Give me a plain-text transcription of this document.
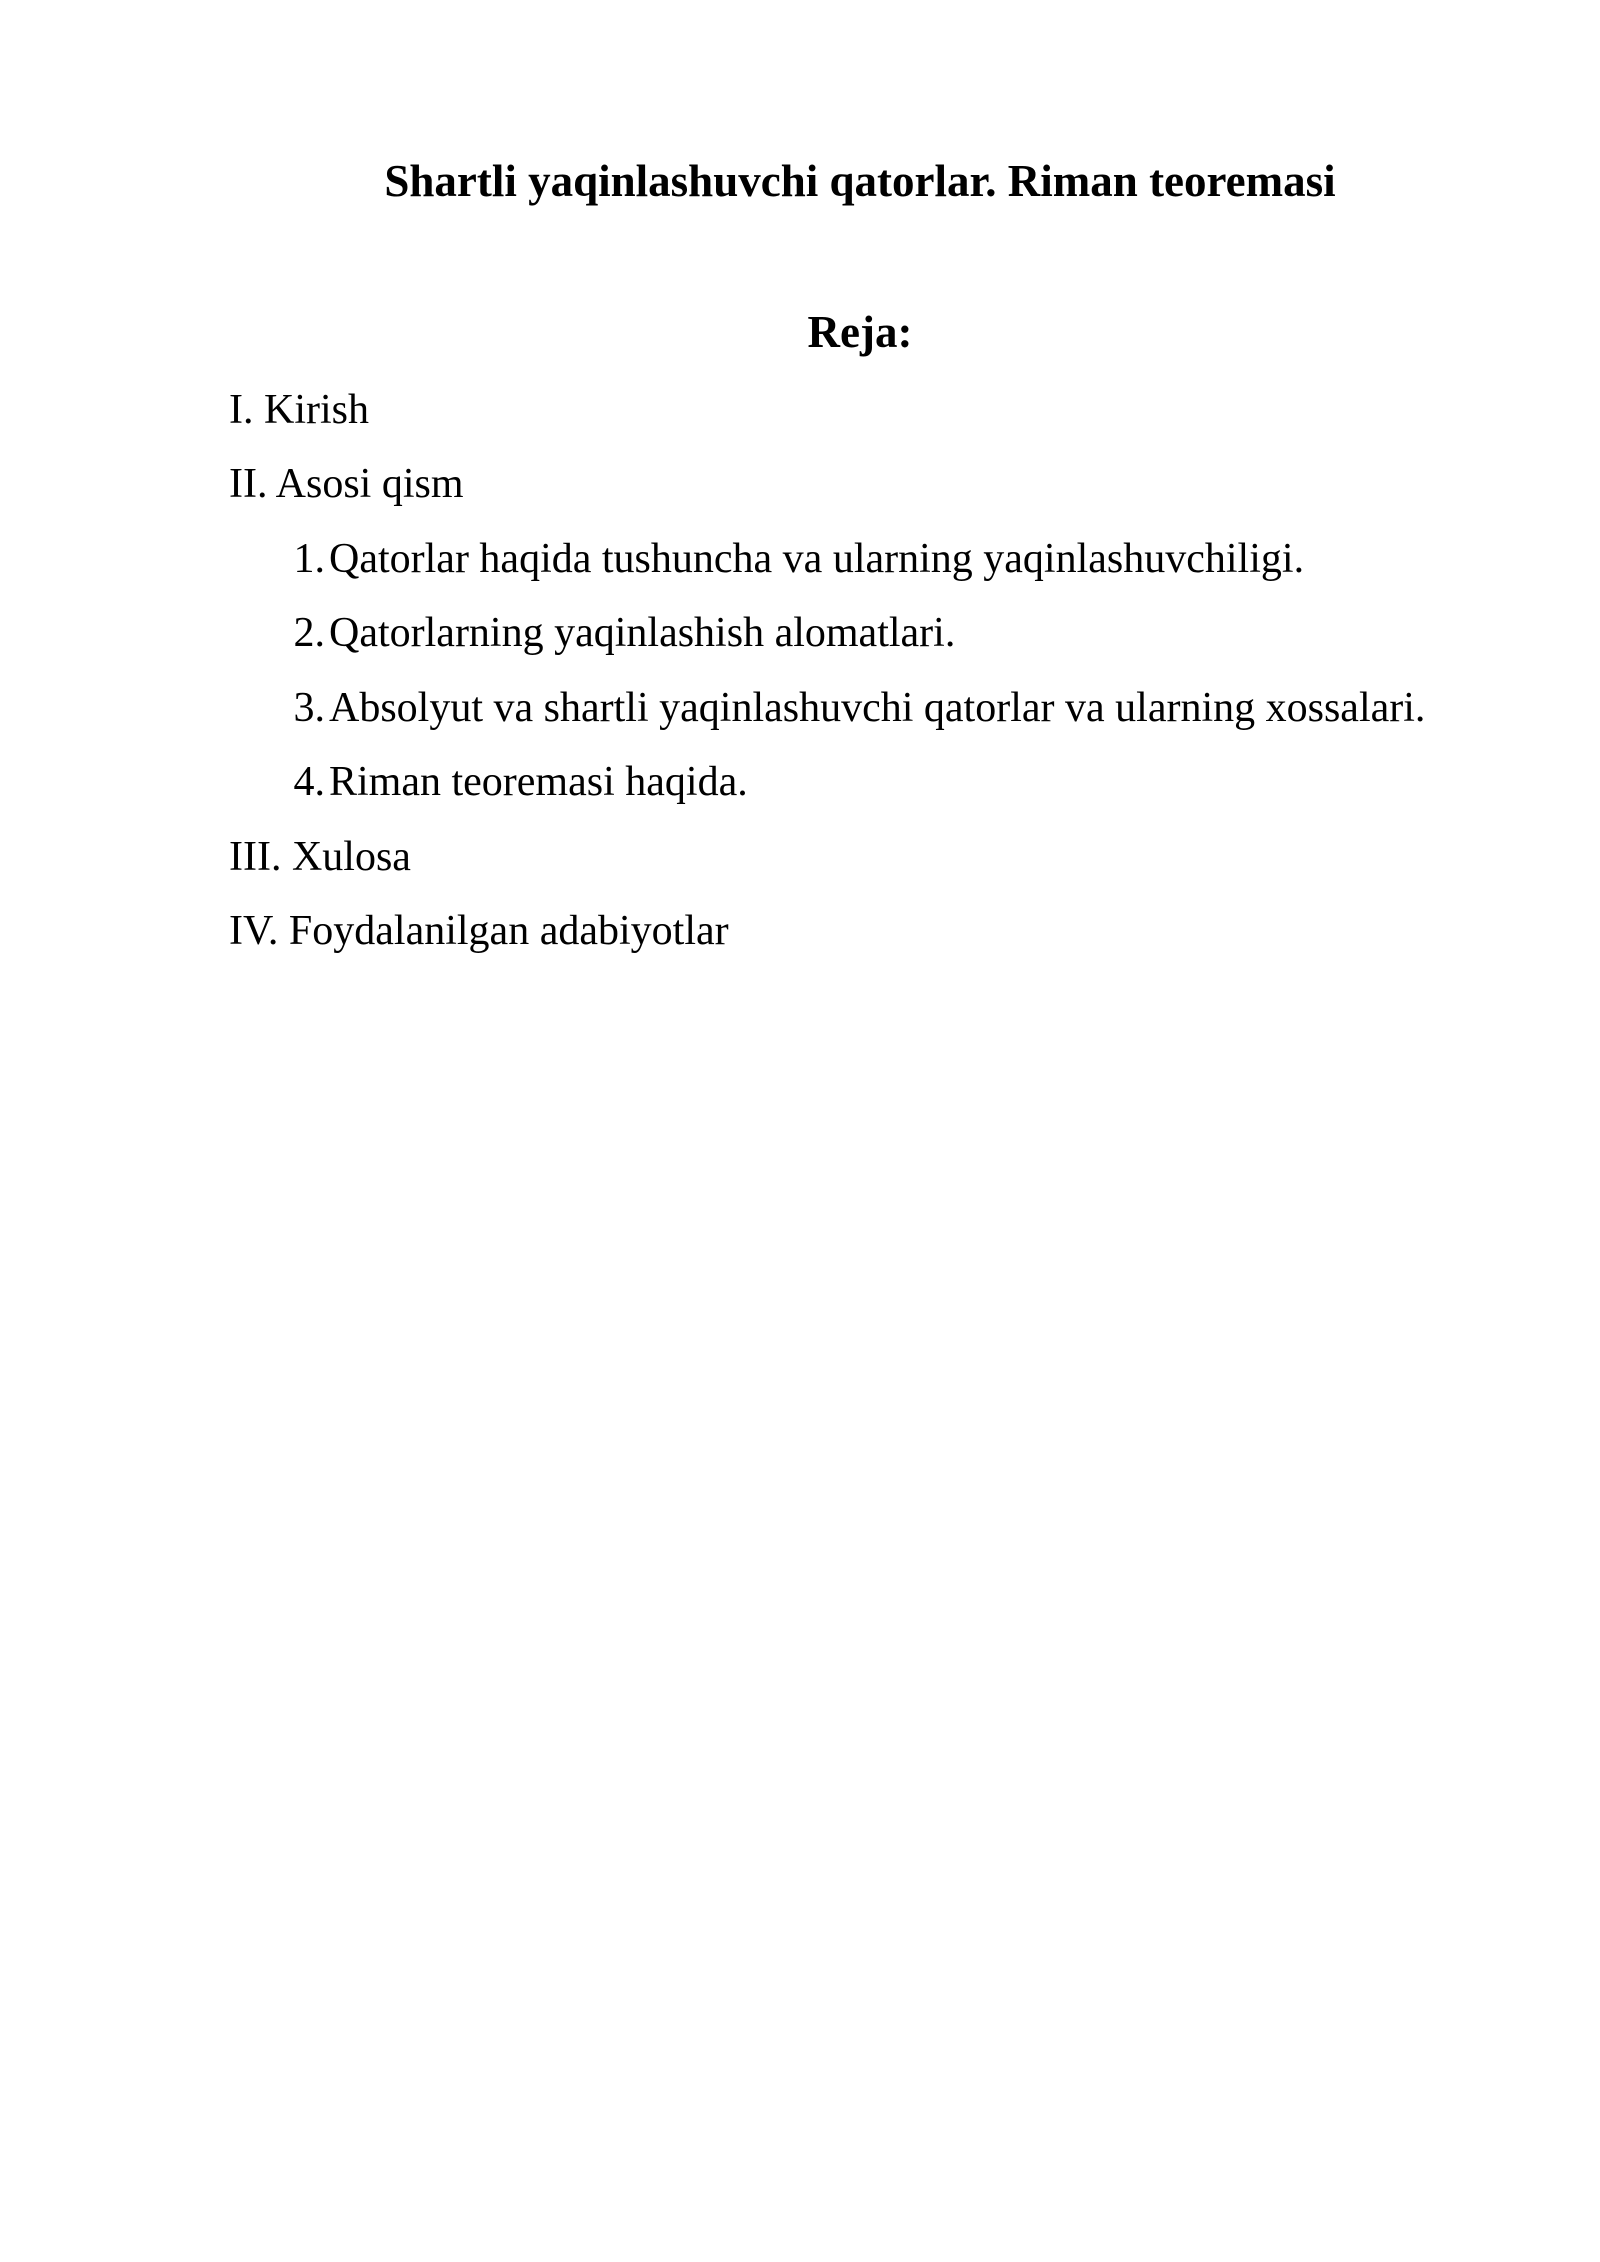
Shartli yaqinlashuvchi qatorlar. Riman teoremasi
Reja:
I. Kirish
II. Asosi qism
1.Qatorlar haqida tushuncha va ularning yaqinlashuvchiligi.
2.Qatorlarning yaqinlashish alomatlari.
3.Absolyut va shartli yaqinlashuvchi qatorlar va ularning xossalari.
4.Riman teoremasi haqida.
III. Xulosa
IV. Foydalanilgan adabiyotlar
